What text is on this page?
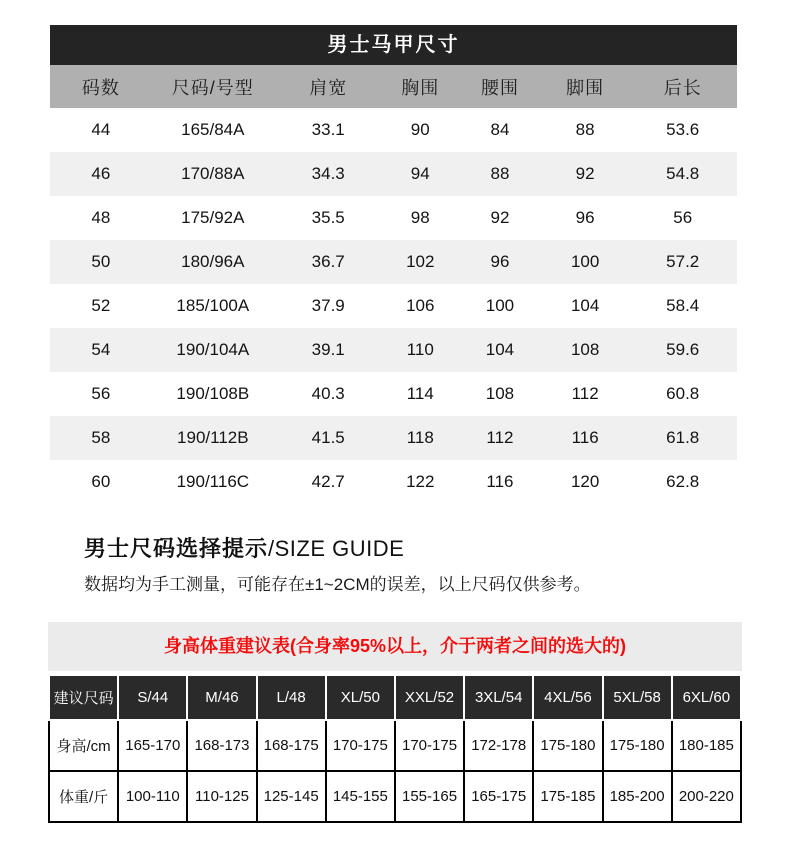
男士马甲尺寸
码数	尺码/号型	肩宽	胸围	腰围	脚围	后长
44	165/84A	33.1	90	84	88	53.6
46	170/88A	34.3	94	88	92	54.8
48	175/92A	35.5	98	92	96	56
50	180/96A	36.7	102	96	100	57.2
52	185/100A	37.9	106	100	104	58.4
54	190/104A	39.1	110	104	108	59.6
56	190/108B	40.3	114	108	112	60.8
58	190/112B	41.5	118	112	116	61.8
60	190/116C	42.7	122	116	120	62.8
男士尺码选择提示/SIZE GUIDE
数据均为手工测量，可能存在±1~2CM的误差，以上尺码仅供参考。
身高体重建议表(合身率95%以上，介于两者之间的选大的)
建议尺码	S/44	M/46	L/48	XL/50	XXL/52	3XL/54	4XL/56	5XL/58	6XL/60
身高/cm	165-170	168-173	168-175	170-175	170-175	172-178	175-180	175-180	180-185
体重/斤	100-110	110-125	125-145	145-155	155-165	165-175	175-185	185-200	200-220
